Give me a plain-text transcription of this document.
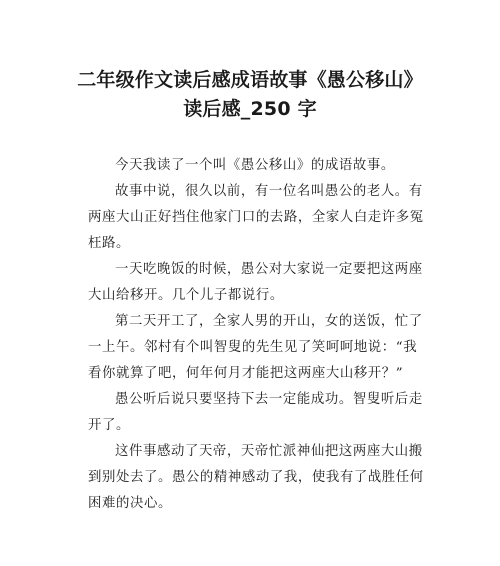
二年级作文读后感成语故事《愚公移山》
读后感_250 字
今天我读了一个叫《愚公移山》的成语故事。
故事中说，很久以前，有一位名叫愚公的老人。有
两座大山正好挡住他家门口的去路，全家人白走许多冤
枉路。
一天吃晚饭的时候，愚公对大家说一定要把这两座
大山给移开。几个儿子都说行。
第二天开工了，全家人男的开山，女的送饭，忙了
一上午。邻村有个叫智叟的先生见了笑呵呵地说：“我
看你就算了吧，何年何月才能把这两座大山移开？”
愚公听后说只要坚持下去一定能成功。智叟听后走
开了。
这件事感动了天帝，天帝忙派神仙把这两座大山搬
到别处去了。愚公的精神感动了我，使我有了战胜任何
困难的决心。
